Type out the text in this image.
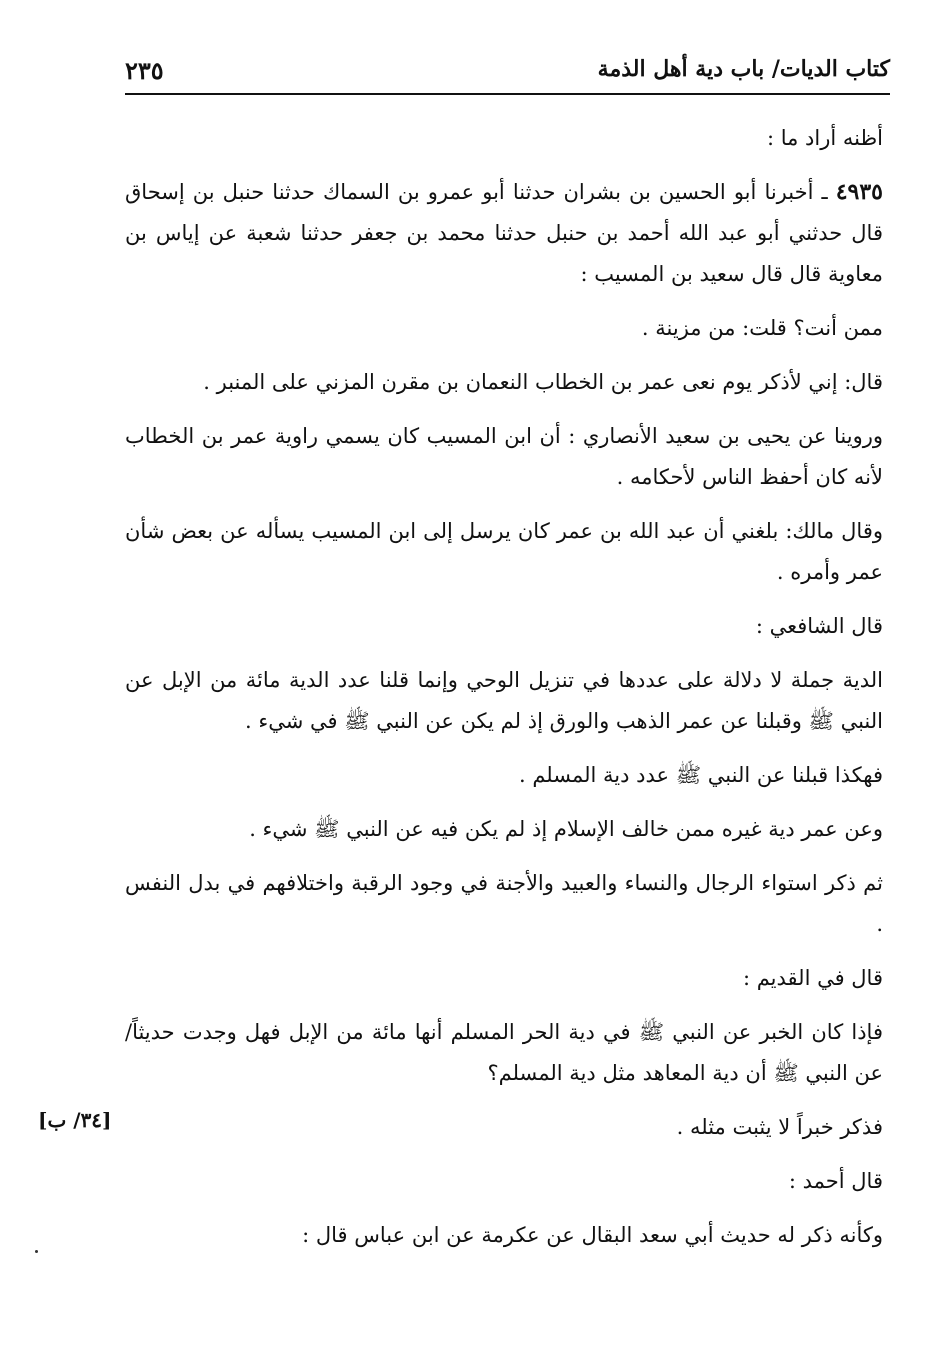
كتاب الديات/ باب دية أهل الذمة
٢٣٥

أظنه أراد ما :

٤٩٣٥ ـ أخبرنا أبو الحسين بن بشران حدثنا أبو عمرو بن السماك حدثنا حنبل بن إسحاق قال حدثني أبو عبد الله أحمد بن حنبل حدثنا محمد بن جعفر حدثنا شعبة عن إياس بن معاوية قال قال سعيد بن المسيب :

ممن أنت؟ قلت: من مزينة .

قال: إني لأذكر يوم نعى عمر بن الخطاب النعمان بن مقرن المزني على المنبر .

وروينا عن يحيى بن سعيد الأنصاري : أن ابن المسيب كان يسمي راوية عمر بن الخطاب لأنه كان أحفظ الناس لأحكامه .

وقال مالك: بلغني أن عبد الله بن عمر كان يرسل إلى ابن المسيب يسأله عن بعض شأن عمر وأمره .

قال الشافعي :

الدية جملة لا دلالة على عددها في تنزيل الوحي وإنما قلنا عدد الدية مائة من الإبل عن النبي ﷺ وقبلنا عن عمر الذهب والورق إذ لم يكن عن النبي ﷺ في شيء .

فهكذا قبلنا عن النبي ﷺ عدد دية المسلم .

وعن عمر دية غيره ممن خالف الإسلام إذ لم يكن فيه عن النبي ﷺ شيء .

ثم ذكر استواء الرجال والنساء والعبيد والأجنة في وجود الرقبة واختلافهم في بدل النفس .

قال في القديم :

فإذا كان الخبر عن النبي ﷺ في دية الحر المسلم أنها مائة من الإبل فهل وجدت حديثاً/ عن النبي ﷺ أن دية المعاهد مثل دية المسلم؟

فذكر خبراً لا يثبت مثله .

قال أحمد :

وكأنه ذكر له حديث أبي سعد البقال عن عكرمة عن ابن عباس قال :

[٣٤/ ب]
